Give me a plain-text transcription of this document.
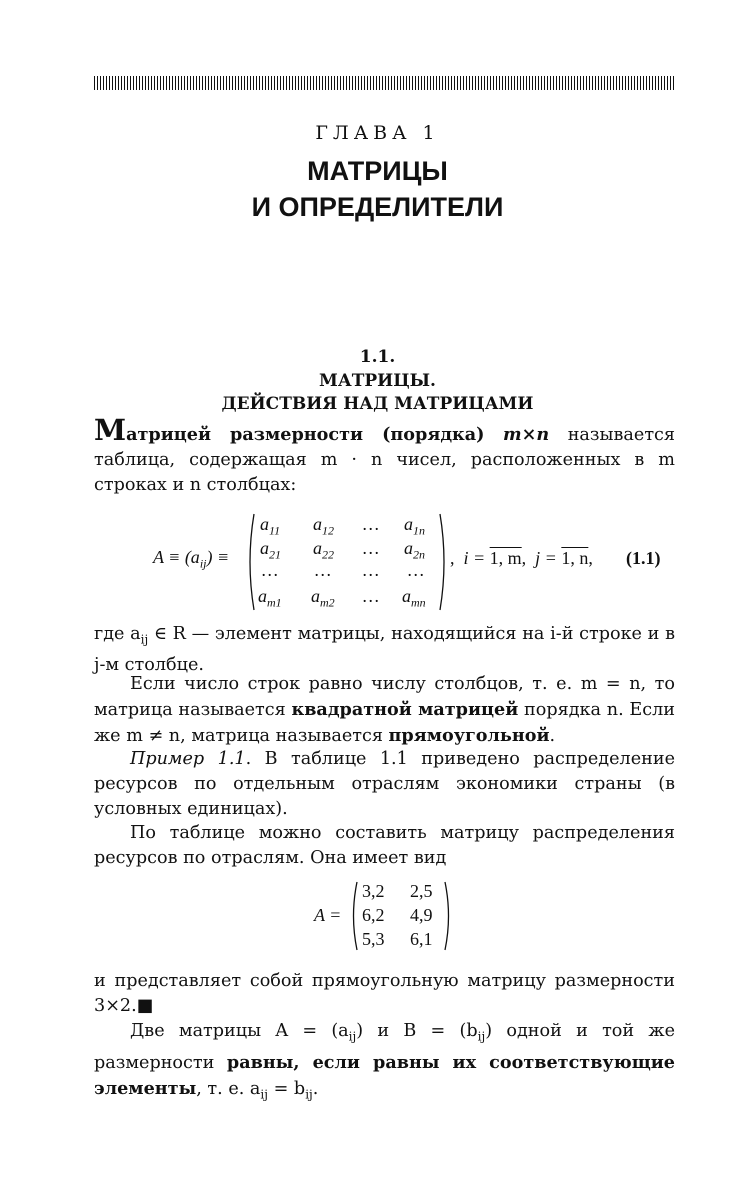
ГЛАВА 1
МАТРИЦЫ
И ОПРЕДЕЛИТЕЛИ
1.1.
МАТРИЦЫ.
ДЕЙСТВИЯ НАД МАТРИЦАМИ

Матрицей размерности (порядка) m×n называется таблица, содержащая m · n чисел, расположенных в m строках и n столбцах:

$A \equiv (a_{ij})$ ≡
$a_{11}$ $a_{12}$ … $a_{1n}$
$a_{21}$ $a_{22}$ … $a_{2n}$
… … … …
$a_{m1}$ $a_{m2}$ … $a_{mn}$
, i = 1, m, j = 1, n, (1.1)

где $a_{ij}$ ∈ R — элемент матрицы, находящийся на i-й строке и в j-м столбце.

Если число строк равно числу столбцов, т. е. m = n, то матрица называется квадратной матрицей порядка n. Если же m ≠ n, матрица называется прямоугольной.

Пример 1.1. В таблице 1.1 приведено распределение ресурсов по отдельным отраслям экономики страны (в условных единицах).

По таблице можно составить матрицу распределения ресурсов по отраслям. Она имеет вид

A =
3,2 2,5
6,2 4,9
5,3 6,1

и представляет собой прямоугольную матрицу размерности 3×2.■

Две матрицы $A = (a_{ij})$ и $B = (b_{ij})$ одной и той же размерности равны, если равны их соответствующие элементы, т. е. $a_{ij} = b_{ij}$.
